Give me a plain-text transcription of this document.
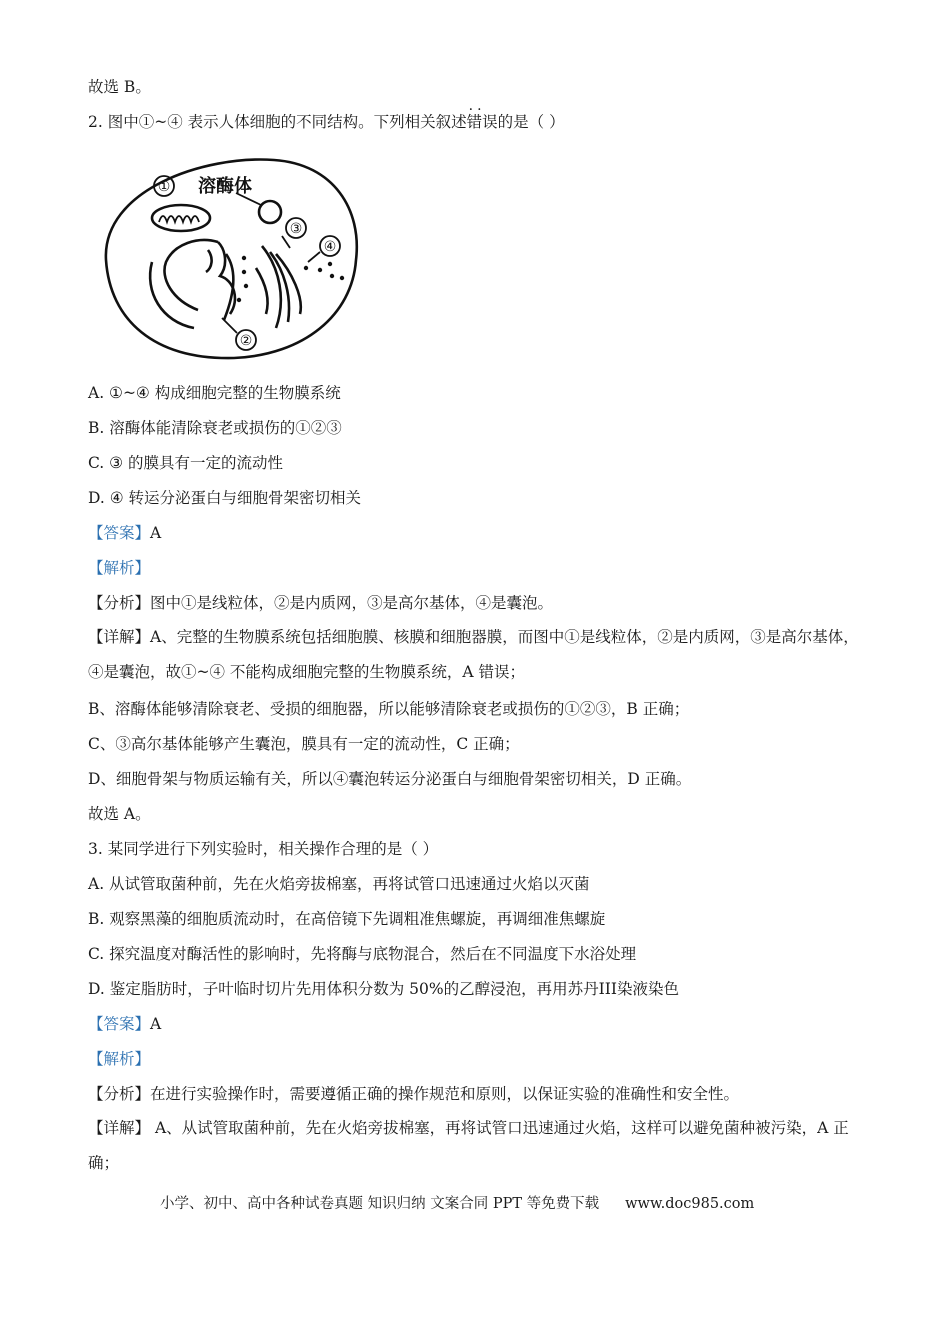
故选 B。
2. 图中①~④ 表示人体细胞的不同结构。下列相关叙述错误 ··的是（ ）
①
③
④
②
溶酶体
A. ①~④ 构成细胞完整的生物膜系统
B. 溶酶体能清除衰老或损伤的①②③
C. ③ 的膜具有一定的流动性
D. ④ 转运分泌蛋白与细胞骨架密切相关
【答案】A
【解析】
【分析】图中①是线粒体，②是内质网，③是高尔基体，④是囊泡。
【详解】A、完整的生物膜系统包括细胞膜、核膜和细胞器膜，而图中①是线粒体，②是内质网，③是高尔基体，④是囊泡，故①~④ 不能构成细胞完整的生物膜系统，A 错误；
B、溶酶体能够清除衰老、受损的细胞器，所以能够清除衰老或损伤的①②③，B 正确；
C、③高尔基体能够产生囊泡，膜具有一定的流动性，C 正确；
D、细胞骨架与物质运输有关，所以④囊泡转运分泌蛋白与细胞骨架密切相关，D 正确。
故选 A。
3. 某同学进行下列实验时，相关操作合理的是（ ）
A. 从试管取菌种前，先在火焰旁拔棉塞，再将试管口迅速通过火焰以灭菌
B. 观察黑藻的细胞质流动时，在高倍镜下先调粗准焦螺旋，再调细准焦螺旋
C. 探究温度对酶活性的影响时，先将酶与底物混合，然后在不同温度下水浴处理
D. 鉴定脂肪时，子叶临时切片先用体积分数为 50%的乙醇浸泡，再用苏丹III染液染色
【答案】A
【解析】
【分析】在进行实验操作时，需要遵循正确的操作规范和原则，以保证实验的准确性和安全性。
【详解】 A、从试管取菌种前，先在火焰旁拔棉塞，再将试管口迅速通过火焰，这样可以避免菌种被污染，A 正确；
小学、初中、高中各种试卷真题 知识归纳 文案合同 PPT 等免费下载 www.doc985.com
